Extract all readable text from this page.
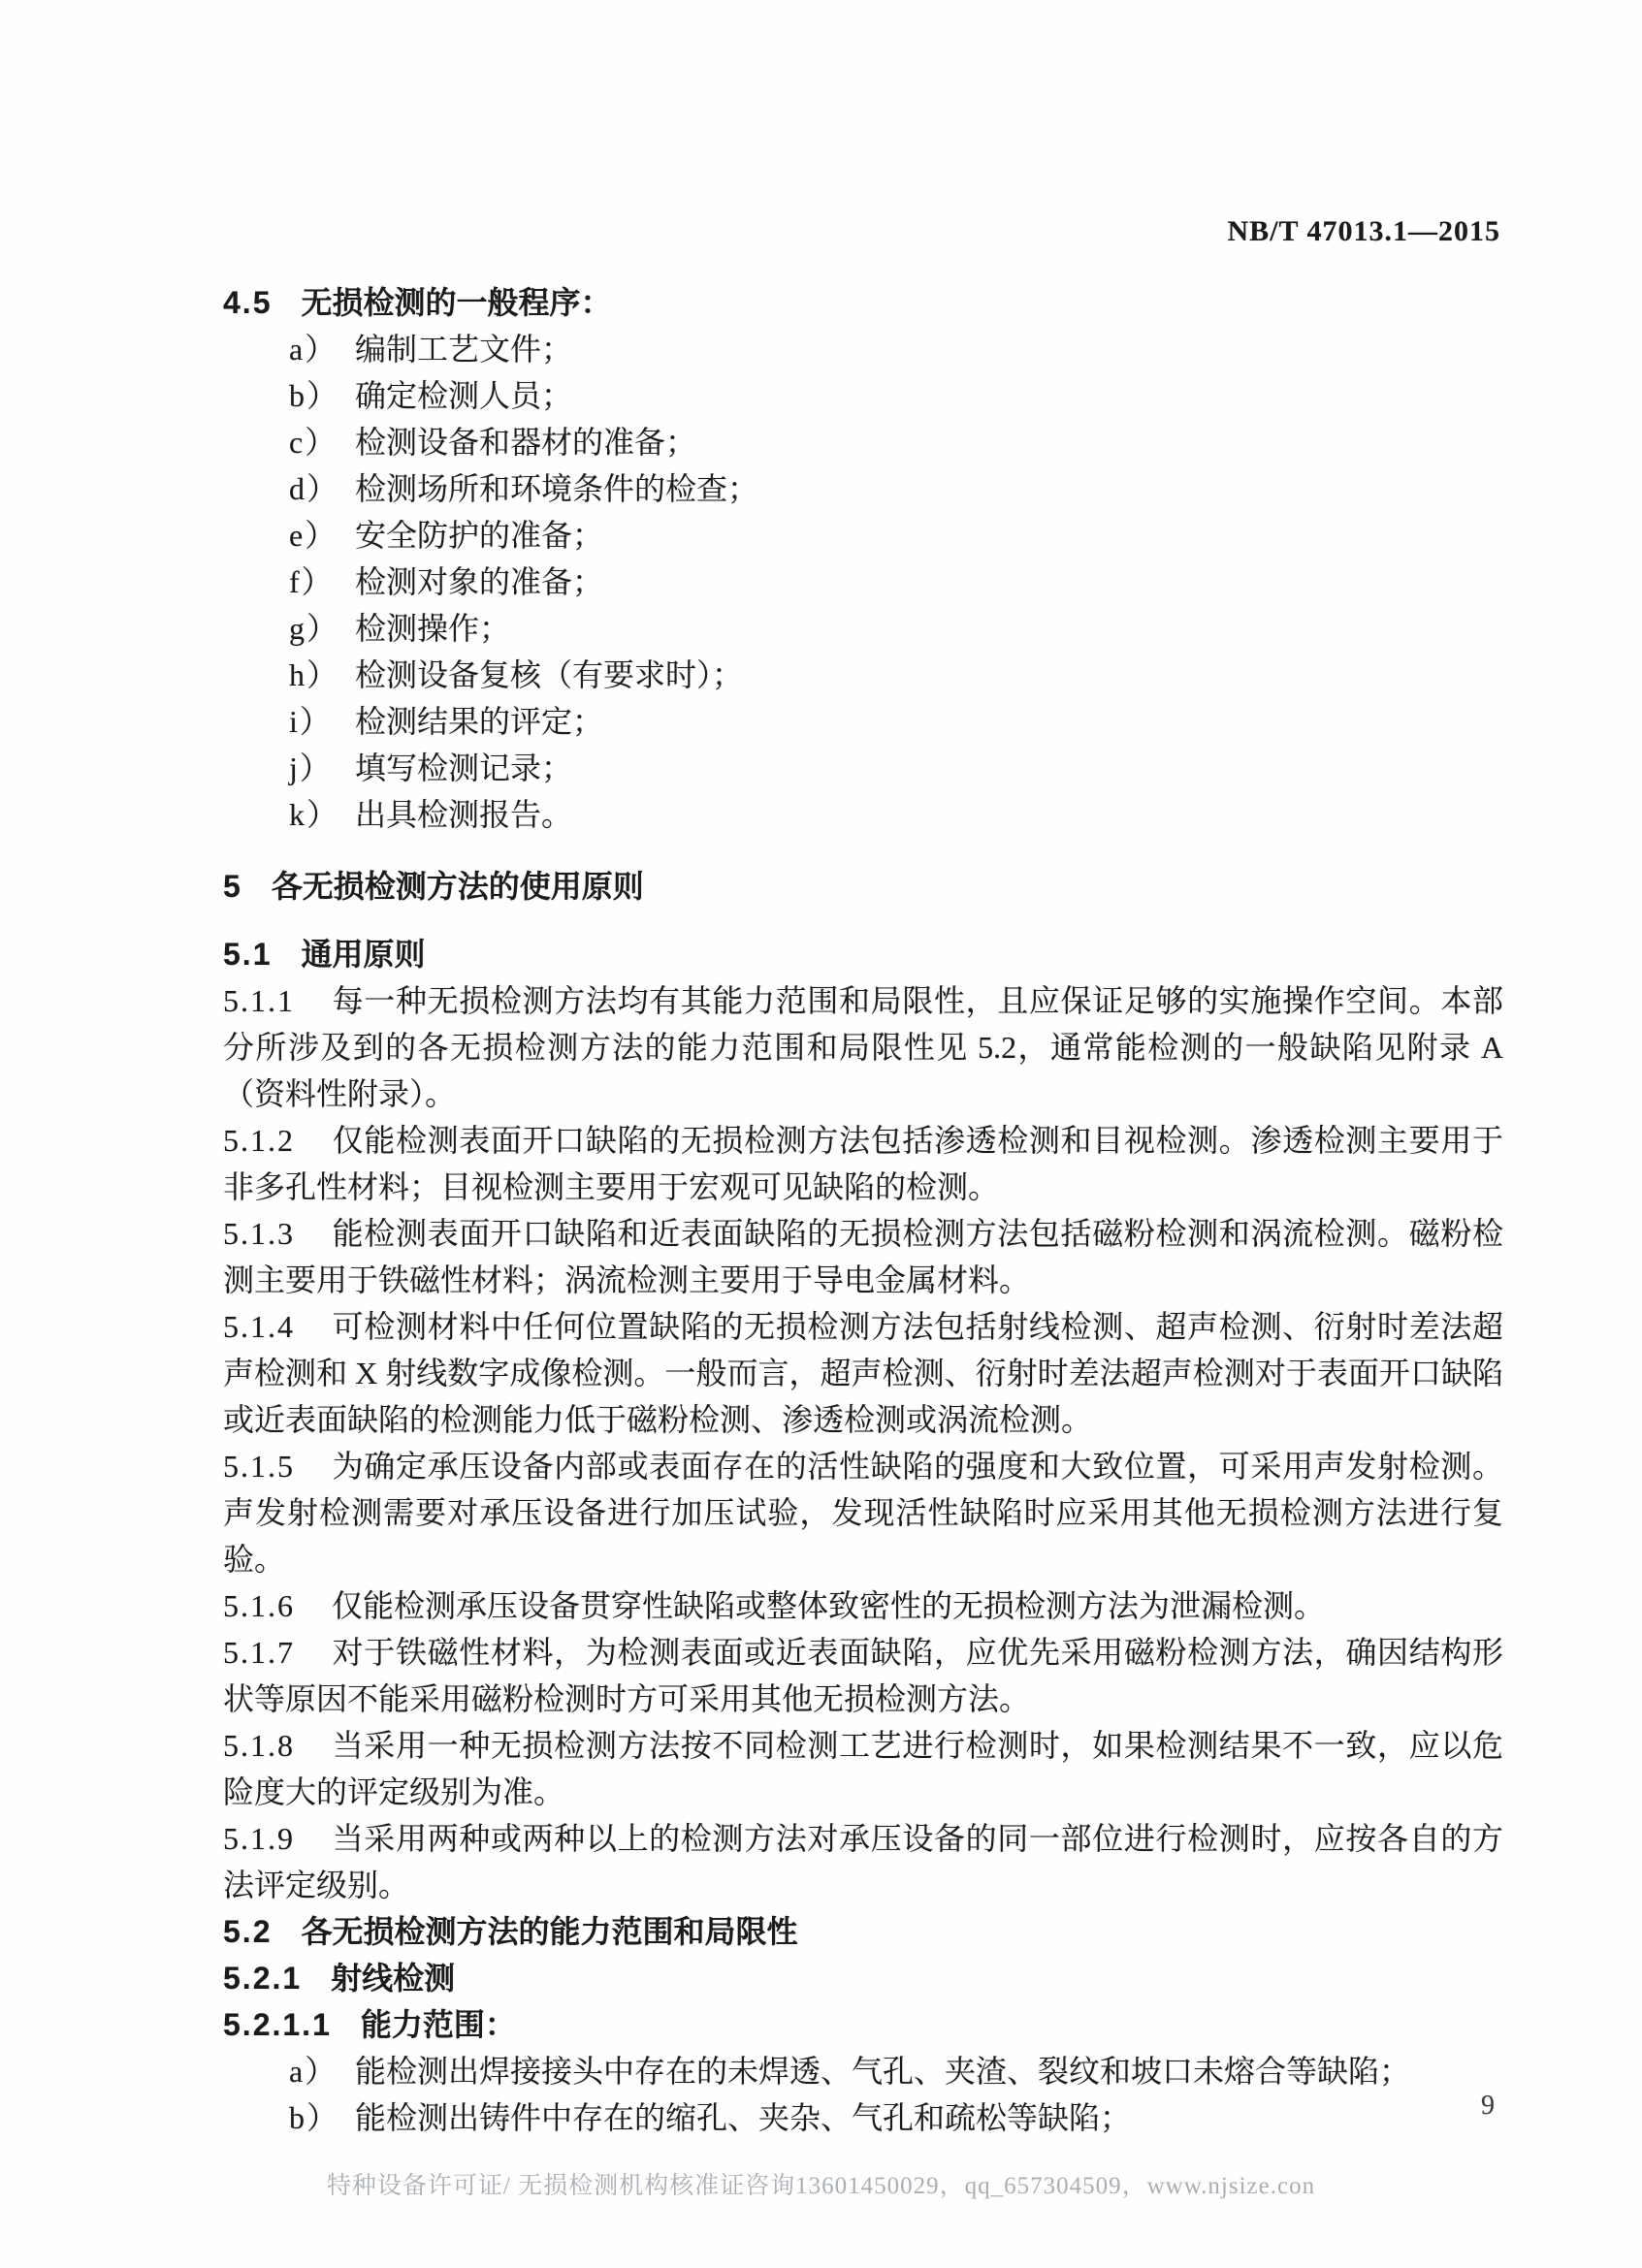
NB/T 47013.1—2015

4.5 无损检测的一般程序：

a） 编制工艺文件；
b） 确定检测人员；
c） 检测设备和器材的准备；
d） 检测场所和环境条件的检查；
e） 安全防护的准备；
f） 检测对象的准备；
g） 检测操作；
h） 检测设备复核（有要求时）；
i） 检测结果的评定；
j） 填写检测记录；
k） 出具检测报告。

5 各无损检测方法的使用原则

5.1 通用原则

5.1.1 每一种无损检测方法均有其能力范围和局限性，且应保证足够的实施操作空间。本部分所涉及到的各无损检测方法的能力范围和局限性见 5.2，通常能检测的一般缺陷见附录 A（资料性附录）。

5.1.2 仅能检测表面开口缺陷的无损检测方法包括渗透检测和目视检测。渗透检测主要用于非多孔性材料；目视检测主要用于宏观可见缺陷的检测。

5.1.3 能检测表面开口缺陷和近表面缺陷的无损检测方法包括磁粉检测和涡流检测。磁粉检测主要用于铁磁性材料；涡流检测主要用于导电金属材料。

5.1.4 可检测材料中任何位置缺陷的无损检测方法包括射线检测、超声检测、衍射时差法超声检测和 X 射线数字成像检测。一般而言，超声检测、衍射时差法超声检测对于表面开口缺陷或近表面缺陷的检测能力低于磁粉检测、渗透检测或涡流检测。

5.1.5 为确定承压设备内部或表面存在的活性缺陷的强度和大致位置，可采用声发射检测。声发射检测需要对承压设备进行加压试验，发现活性缺陷时应采用其他无损检测方法进行复验。

5.1.6 仅能检测承压设备贯穿性缺陷或整体致密性的无损检测方法为泄漏检测。

5.1.7 对于铁磁性材料，为检测表面或近表面缺陷，应优先采用磁粉检测方法，确因结构形状等原因不能采用磁粉检测时方可采用其他无损检测方法。

5.1.8 当采用一种无损检测方法按不同检测工艺进行检测时，如果检测结果不一致，应以危险度大的评定级别为准。

5.1.9 当采用两种或两种以上的检测方法对承压设备的同一部位进行检测时，应按各自的方法评定级别。

5.2 各无损检测方法的能力范围和局限性

5.2.1 射线检测

5.2.1.1 能力范围：

a） 能检测出焊接接头中存在的未焊透、气孔、夹渣、裂纹和坡口未熔合等缺陷；
b） 能检测出铸件中存在的缩孔、夹杂、气孔和疏松等缺陷；	9
特种设备许可证/ 无损检测机构核准证咨询13601450029，qq_657304509，www.njsize.con
